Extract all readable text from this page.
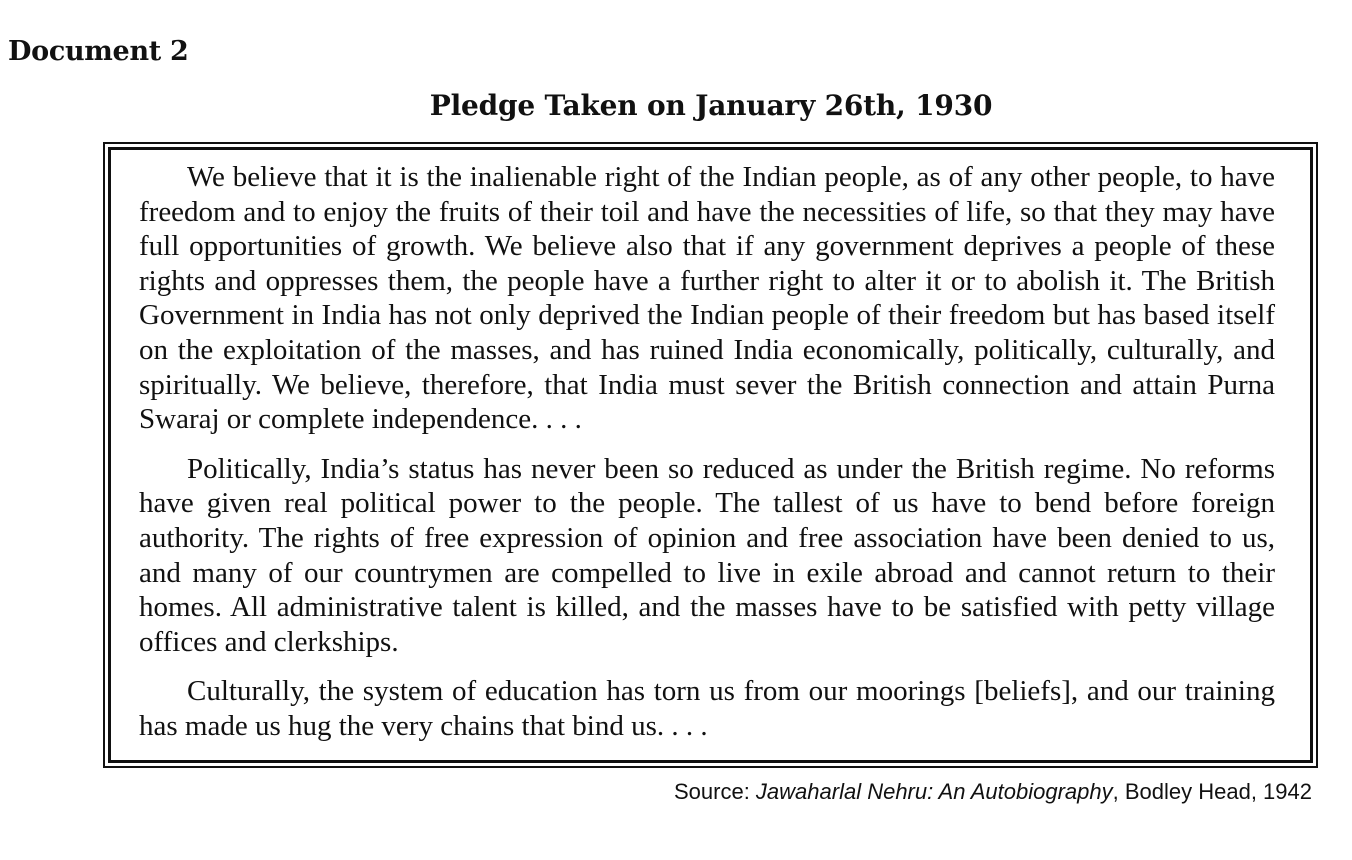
Document 2
Pledge Taken on January 26th, 1930

We believe that it is the inalienable right of the Indian people, as of any other people, to have freedom and to enjoy the fruits of their toil and have the necessities of life, so that they may have full opportunities of growth. We believe also that if any government deprives a people of these rights and oppresses them, the people have a further right to alter it or to abolish it. The British Government in India has not only deprived the Indian people of their freedom but has based itself on the exploitation of the masses, and has ruined India economically, politically, culturally, and spiritually. We believe, therefore, that India must sever the British connection and attain Purna Swaraj or complete independence. . . .

Politically, India’s status has never been so reduced as under the British regime. No reforms have given real political power to the people. The tallest of us have to bend before foreign authority. The rights of free expression of opinion and free association have been denied to us, and many of our countrymen are compelled to live in exile abroad and cannot return to their homes. All administrative talent is killed, and the masses have to be satisfied with petty village offices and clerkships.

Culturally, the system of education has torn us from our moorings [beliefs], and our training has made us hug the very chains that bind us. . . .

Source: Jawaharlal Nehru: An Autobiography, Bodley Head, 1942
